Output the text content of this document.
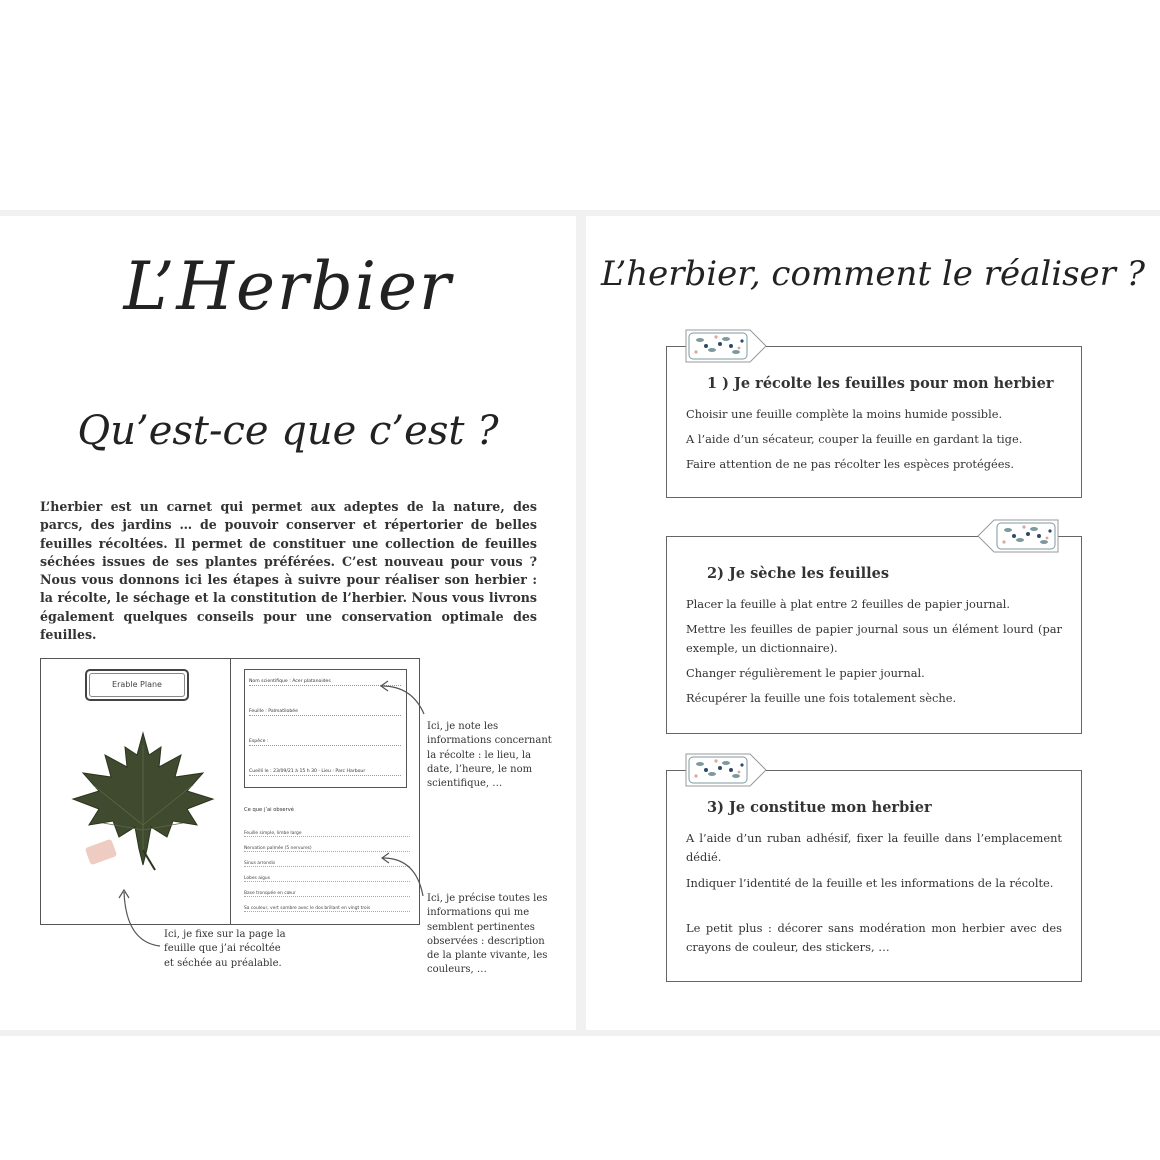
L’Herbier
Qu’est-ce que c’est ?

L’herbier est un carnet qui permet aux adeptes de la nature, des parcs, des jardins … de pouvoir conserver et répertorier de belles feuilles récoltées. Il permet de constituer une collection de feuilles séchées issues de ses plantes préférées. C’est nouveau pour vous ? Nous vous donnons ici les étapes à suivre pour réaliser son herbier : la récolte, le séchage et la constitution de l’herbier. Nous vous livrons également quelques conseils pour une conservation optimale des feuilles.

Erable Plane	Nom scientifique : Acer platanoides
Feuille : Palmatilobée
Espèce :
Cueilli le : 23/09/21 à 15 h 30 · Lieu : Parc Harbour
Ce que j’ai observé
Feuille simple, limbe large
Nervation palmée (5 nervures)
Sinus arrondis
Lobes aigus
Base tronquée en cœur
Sa couleur, vert sombre avec le dos brillant en vingt trois

Ici, je note les informations concernant la récolte : le lieu, la date, l’heure, le nom scientifique, …

Ici, je précise toutes les informations qui me semblent pertinentes observées : description de la plante vivante, les couleurs, …

Ici, je fixe sur la page la feuille que j’ai récoltée et séchée au préalable.

L’herbier, comment le réaliser ?
1 ) Je récolte les feuilles pour mon herbier

Choisir une feuille complète la moins humide possible.

A l’aide d’un sécateur, couper la feuille en gardant la tige.

Faire attention de ne pas récolter les espèces protégées.

2) Je sèche les feuilles

Placer la feuille à plat entre 2 feuilles de papier journal.

Mettre les feuilles de papier journal sous un élément lourd (par exemple, un dictionnaire).

Changer régulièrement le papier journal.

Récupérer la feuille une fois totalement sèche.

3) Je constitue mon herbier

A l’aide d’un ruban adhésif, fixer la feuille dans l’emplacement dédié.

Indiquer l’identité de la feuille et les informations de la récolte.

Le petit plus : décorer sans modération mon herbier avec des crayons de couleur, des stickers, …
